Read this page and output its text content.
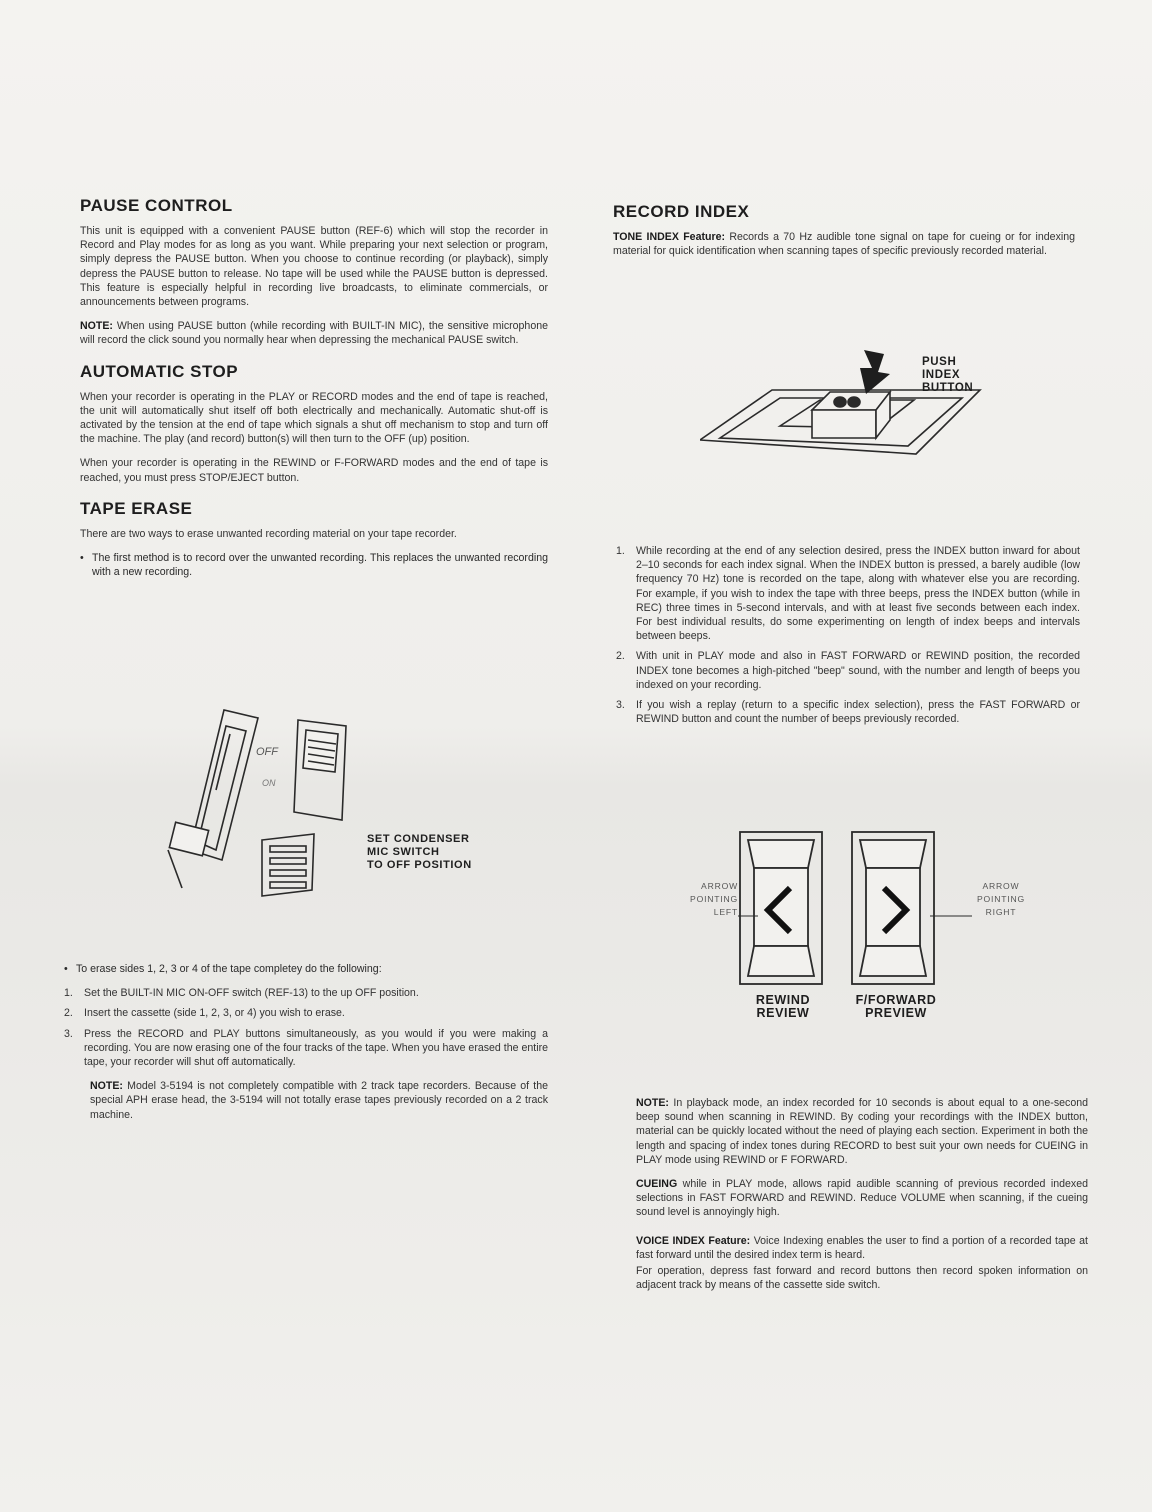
PAUSE CONTROL

This unit is equipped with a convenient PAUSE button (REF-6) which will stop the recorder in Record and Play modes for as long as you want. While preparing your next selection or program, simply depress the PAUSE button. When you choose to continue recording (or playback), simply depress the PAUSE button to release. No tape will be used while the PAUSE button is depressed. This feature is especially helpful in recording live broadcasts, to eliminate commercials, or announcements between programs.

NOTE: When using PAUSE button (while recording with BUILT-IN MIC), the sensitive microphone will record the click sound you normally hear when depressing the mechanical PAUSE switch.

AUTOMATIC STOP

When your recorder is operating in the PLAY or RECORD modes and the end of tape is reached, the unit will automatically shut itself off both electrically and mechanically. Automatic shut-off is activated by the tension at the end of tape which signals a shut off mechanism to stop and turn off the machine. The play (and record) button(s) will then turn to the OFF (up) position.

When your recorder is operating in the REWIND or F-FORWARD modes and the end of tape is reached, you must press STOP/EJECT button.

TAPE ERASE

There are two ways to erase unwanted recording material on your tape recorder.

• The first method is to record over the unwanted recording. This replaces the unwanted recording with a new recording.
OFF
ON
SET CONDENSER
MIC SWITCH
TO OFF POSITION
• To erase sides 1, 2, 3 or 4 of the tape completey do the following:
1. Set the BUILT-IN MIC ON-OFF switch (REF-13) to the up OFF position.
2. Insert the cassette (side 1, 2, 3, or 4) you wish to erase.
3. Press the RECORD and PLAY buttons simultaneously, as you would if you were making a recording. You are now erasing one of the four tracks of the tape. When you have erased the entire tape, your recorder will shut off automatically.

NOTE: Model 3-5194 is not completely compatible with 2 track tape recorders. Because of the special APH erase head, the 3-5194 will not totally erase tapes previously recorded on a 2 track machine.

RECORD INDEX

TONE INDEX Feature: Records a 70 Hz audible tone signal on tape for cueing or for indexing material for quick identification when scanning tapes of specific previously recorded material.

PUSH
INDEX
BUTTON
1. While recording at the end of any selection desired, press the INDEX button inward for about 2–10 seconds for each index signal. When the INDEX button is pressed, a barely audible (low frequency 70 Hz) tone is recorded on the tape, along with whatever else you are recording. For example, if you wish to index the tape with three beeps, press the INDEX button (while in REC) three times in 5-second intervals, and with at least five seconds between each index. For best individual results, do some experimenting on length of index beeps and intervals between beeps.
2. With unit in PLAY mode and also in FAST FORWARD or REWIND position, the recorded INDEX tone becomes a high-pitched "beep" sound, with the number and length of beeps you indexed on your recording.
3. If you wish a replay (return to a specific index selection), press the FAST FORWARD or REWIND button and count the number of beeps previously recorded.
ARROW
POINTING
LEFT
ARROW
POINTING
RIGHT
REWIND
REVIEW
F/FORWARD
PREVIEW

NOTE: In playback mode, an index recorded for 10 seconds is about equal to a one-second beep sound when scanning in REWIND. By coding your recordings with the INDEX button, material can be quickly located without the need of playing each section. Experiment in both the length and spacing of index tones during RECORD to best suit your own needs for CUEING in PLAY mode using REWIND or F FORWARD.

CUEING while in PLAY mode, allows rapid audible scanning of previous recorded indexed selections in FAST FORWARD and REWIND. Reduce VOLUME when scanning, if the cueing sound level is annoyingly high.

VOICE INDEX Feature: Voice Indexing enables the user to find a portion of a recorded tape at fast forward until the desired index term is heard.

For operation, depress fast forward and record buttons then record spoken information on adjacent track by means of the cassette side switch.
